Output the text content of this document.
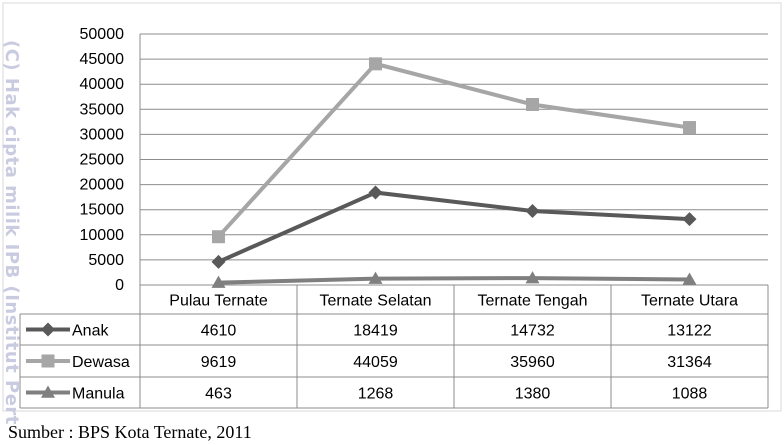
0
5000
10000
15000
20000
25000
30000
35000
40000
45000
50000
Pulau Ternate	Ternate Selatan	Ternate Tengah	Ternate Utara
Anak	4610	18419	14732	13122
Dewasa	9619	44059	35960	31364
Manula	463	1268	1380	1088
(C) Hak cipta milik IPB (Institut Pert
Sumber : BPS Kota Ternate, 2011
